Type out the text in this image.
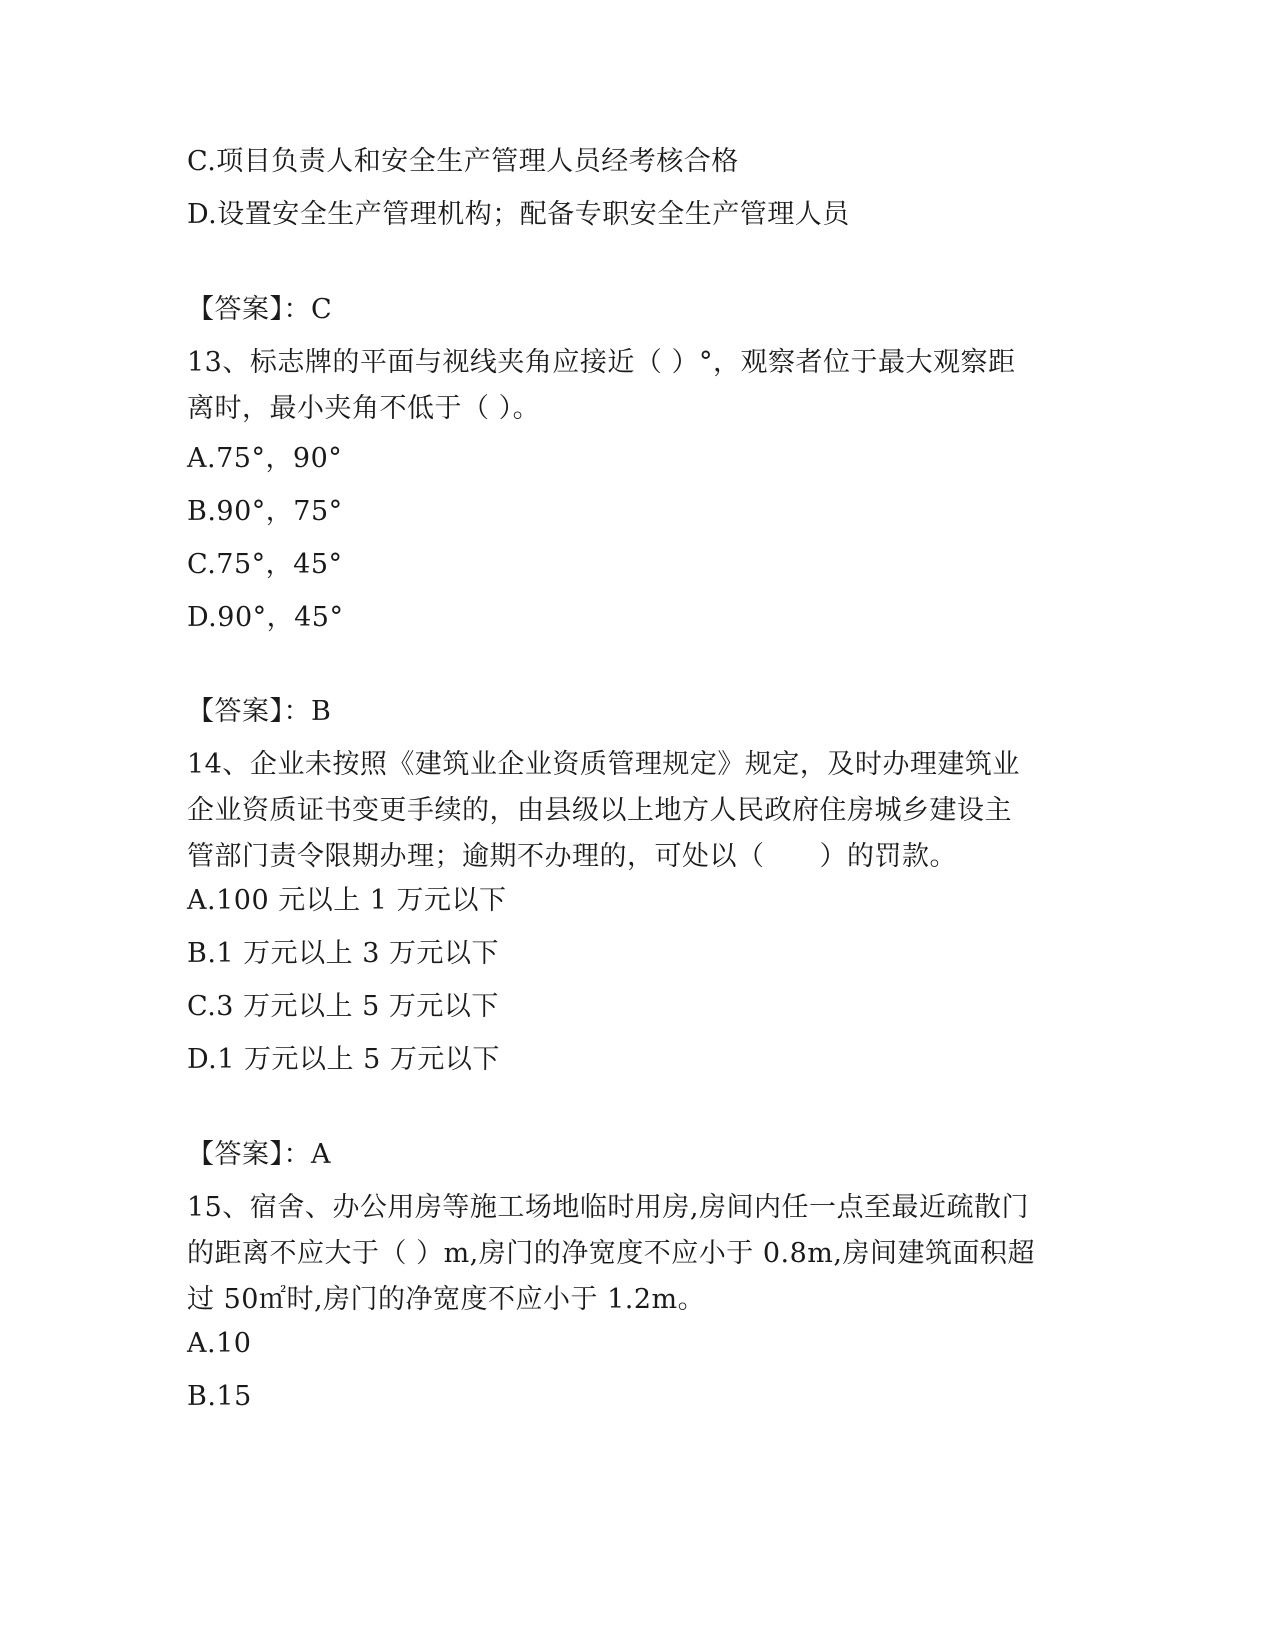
C.项目负责人和安全生产管理人员经考核合格
D.设置安全生产管理机构；配备专职安全生产管理人员
【答案】：C
13、标志牌的平面与视线夹角应接近（ ）°，观察者位于最大观察距
离时，最小夹角不低于（ ）。
A.75°，90°
B.90°，75°
C.75°，45°
D.90°，45°
【答案】：B
14、企业未按照《建筑业企业资质管理规定》规定，及时办理建筑业
企业资质证书变更手续的，由县级以上地方人民政府住房城乡建设主
管部门责令限期办理；逾期不办理的，可处以（　　）的罚款。
A.100 元以上 1 万元以下
B.1 万元以上 3 万元以下
C.3 万元以上 5 万元以下
D.1 万元以上 5 万元以下
【答案】：A
15、宿舍、办公用房等施工场地临时用房,房间内任一点至最近疏散门
的距离不应大于（ ）m,房门的净宽度不应小于 0.8m,房间建筑面积超
过 50㎡时,房门的净宽度不应小于 1.2m。
A.10
B.15
